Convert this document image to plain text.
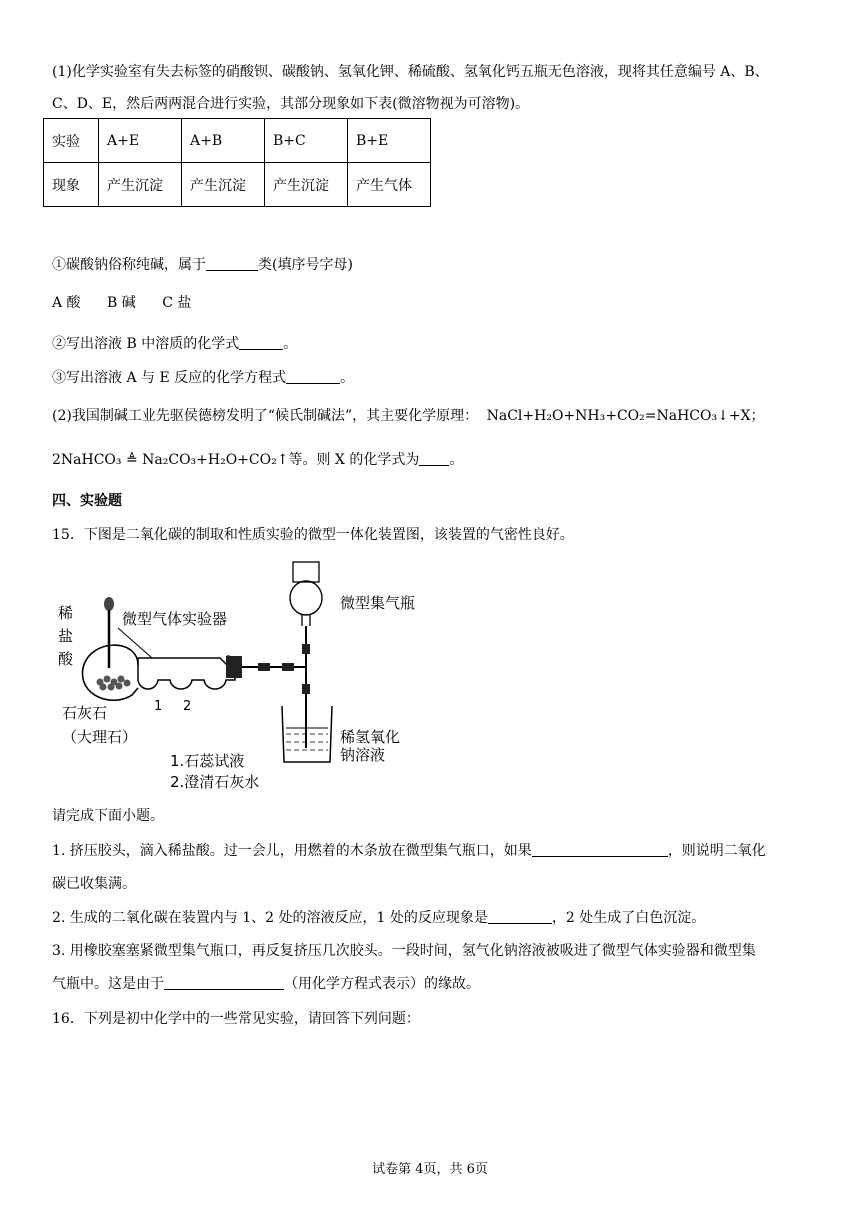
(1)化学实验室有失去标签的硝酸钡、碳酸钠、氢氧化钾、稀硫酸、氢氧化钙五瓶无色溶液，现将其任意编号 A、B、
C、D、E，然后两两混合进行实验，其部分现象如下表(微溶物视为可溶物)。
实验	A+E	A+B	B+C	B+E
现象	产生沉淀	产生沉淀	产生沉淀	产生气体
①碳酸钠俗称纯碱，属于	类(填序号字母)
A 酸 B 碱 C 盐
②写出溶液 B 中溶质的化学式	。
③写出溶液 A 与 E 反应的化学方程式	。
(2)我国制碱工业先驱侯德榜发明了“候氏制碱法”，其主要化学原理： NaCl+H₂O+NH₃+CO₂=NaHCO₃↓+X；
2NaHCO₃ ≜ Na₂CO₃+H₂O+CO₂↑等。则 X 的化学式为 。
四、实验题
15．下图是二氧化碳的制取和性质实验的微型一体化装置图，该装置的气密性良好。
稀
盐
酸
微型气体实验器
1 2
微型集气瓶
稀氢氧化
钠溶液
石灰石
（大理石）
1.石蕊试液
2.澄清石灰水
请完成下面小题。
1. 挤压胶头，滴入稀盐酸。过一会儿，用燃着的木条放在微型集气瓶口，如果	，则说明二氧化
碳已收集满。
2. 生成的二氧化碳在装置内与 1、2 处的溶液反应，1 处的反应现象是	，2 处生成了白色沉淀。
3. 用橡胶塞塞紧微型集气瓶口，再反复挤压几次胶头。一段时间，氢气化钠溶液被吸进了微型气体实验器和微型集
气瓶中。这是由于	（用化学方程式表示）的缘故。
16．下列是初中化学中的一些常见实验，请回答下列问题：
试卷第 4页，共 6页
